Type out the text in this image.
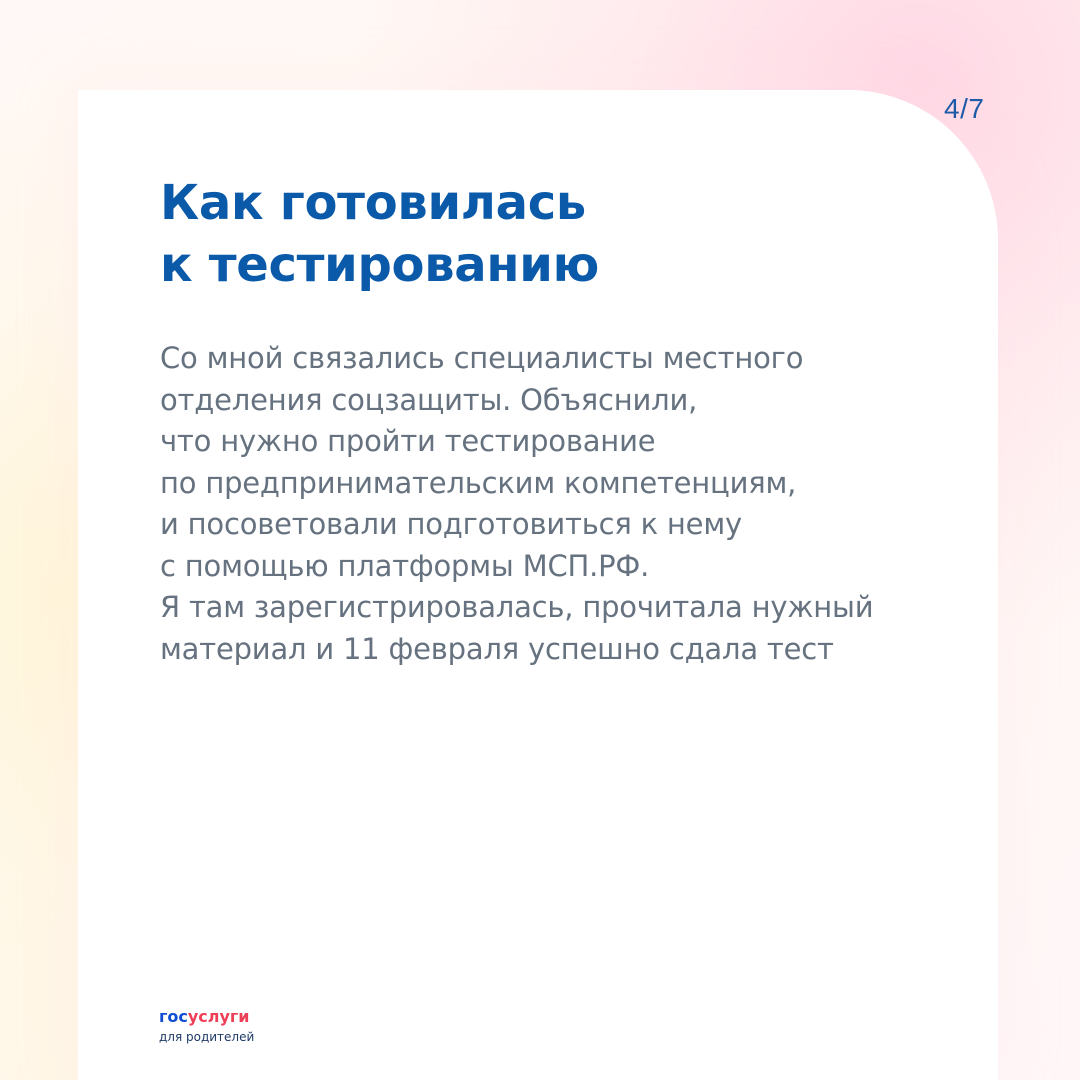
4/7
Как готовилась
к тестированию
Со мной связались специалисты местного
отделения соцзащиты. Объяснили,
что нужно пройти тестирование
по предпринимательским компетенциям,
и посоветовали подготовиться к нему
с помощью платформы МСП.РФ.
Я там зарегистрировалась, прочитала нужный
материал и 11 февраля успешно сдала тест
госуслуги
для родителей
